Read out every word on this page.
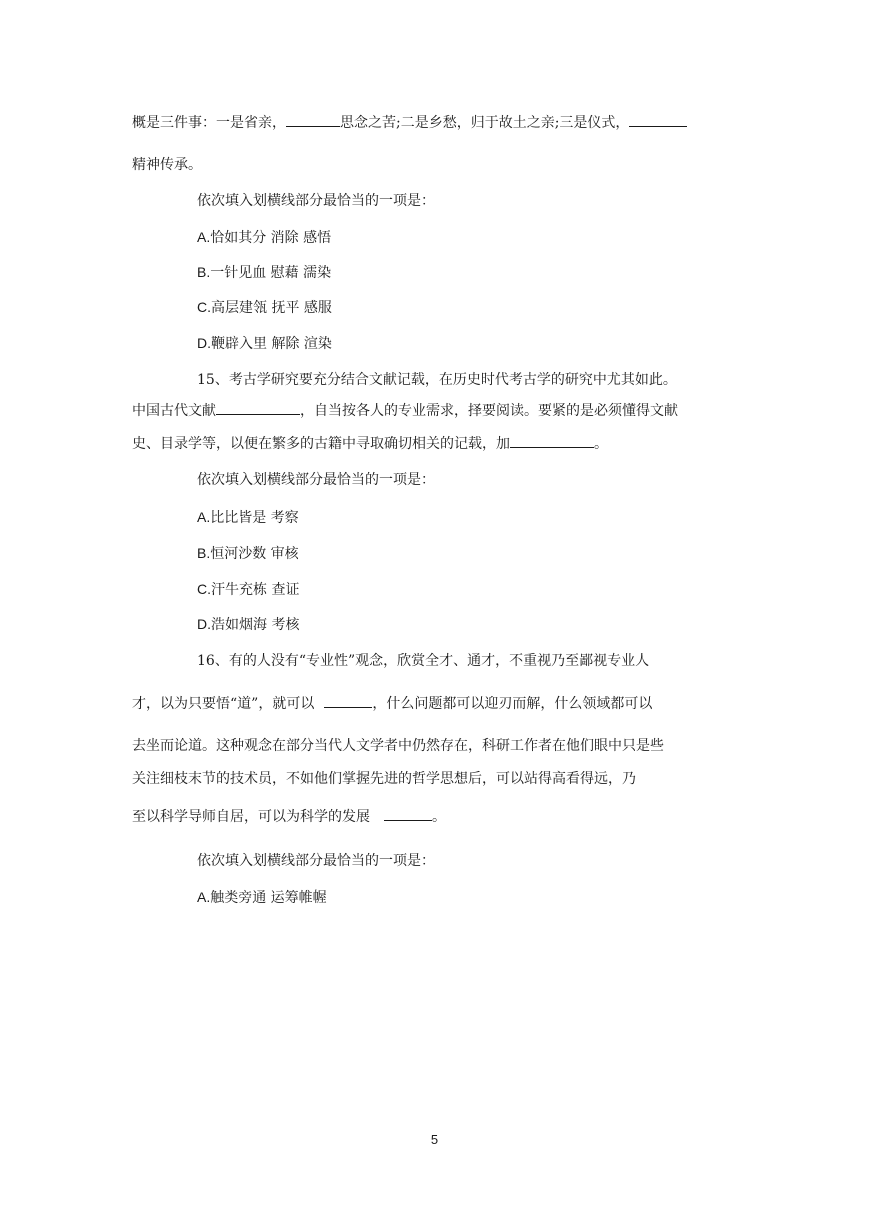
概是三件事：一是省亲，	思念之苦;二是乡愁，归于故土之亲;三是仪式，
精神传承。
依次填入划横线部分最恰当的一项是：
A.恰如其分 消除 感悟
B.一针见血 慰藉 濡染
C.高层建瓴 抚平 感服
D.鞭辟入里 解除 渲染
15、考古学研究要充分结合文献记载，在历史时代考古学的研究中尤其如此。
中国古代文献	，自当按各人的专业需求，择要阅读。要紧的是必须懂得文献
史、目录学等，以便在繁多的古籍中寻取确切相关的记载，加	。
依次填入划横线部分最恰当的一项是：
A.比比皆是 考察
B.恒河沙数 审核
C.汗牛充栋 查证
D.浩如烟海 考核
16、有的人没有“专业性”观念，欣赏全才、通才，不重视乃至鄙视专业人
才，以为只要悟“道”，就可以	，什么问题都可以迎刃而解，什么领域都可以
去坐而论道。这种观念在部分当代人文学者中仍然存在，科研工作者在他们眼中只是些
关注细枝末节的技术员，不如他们掌握先进的哲学思想后，可以站得高看得远，乃
至以科学导师自居，可以为科学的发展	。
依次填入划横线部分最恰当的一项是：
A.触类旁通 运筹帷幄
5
